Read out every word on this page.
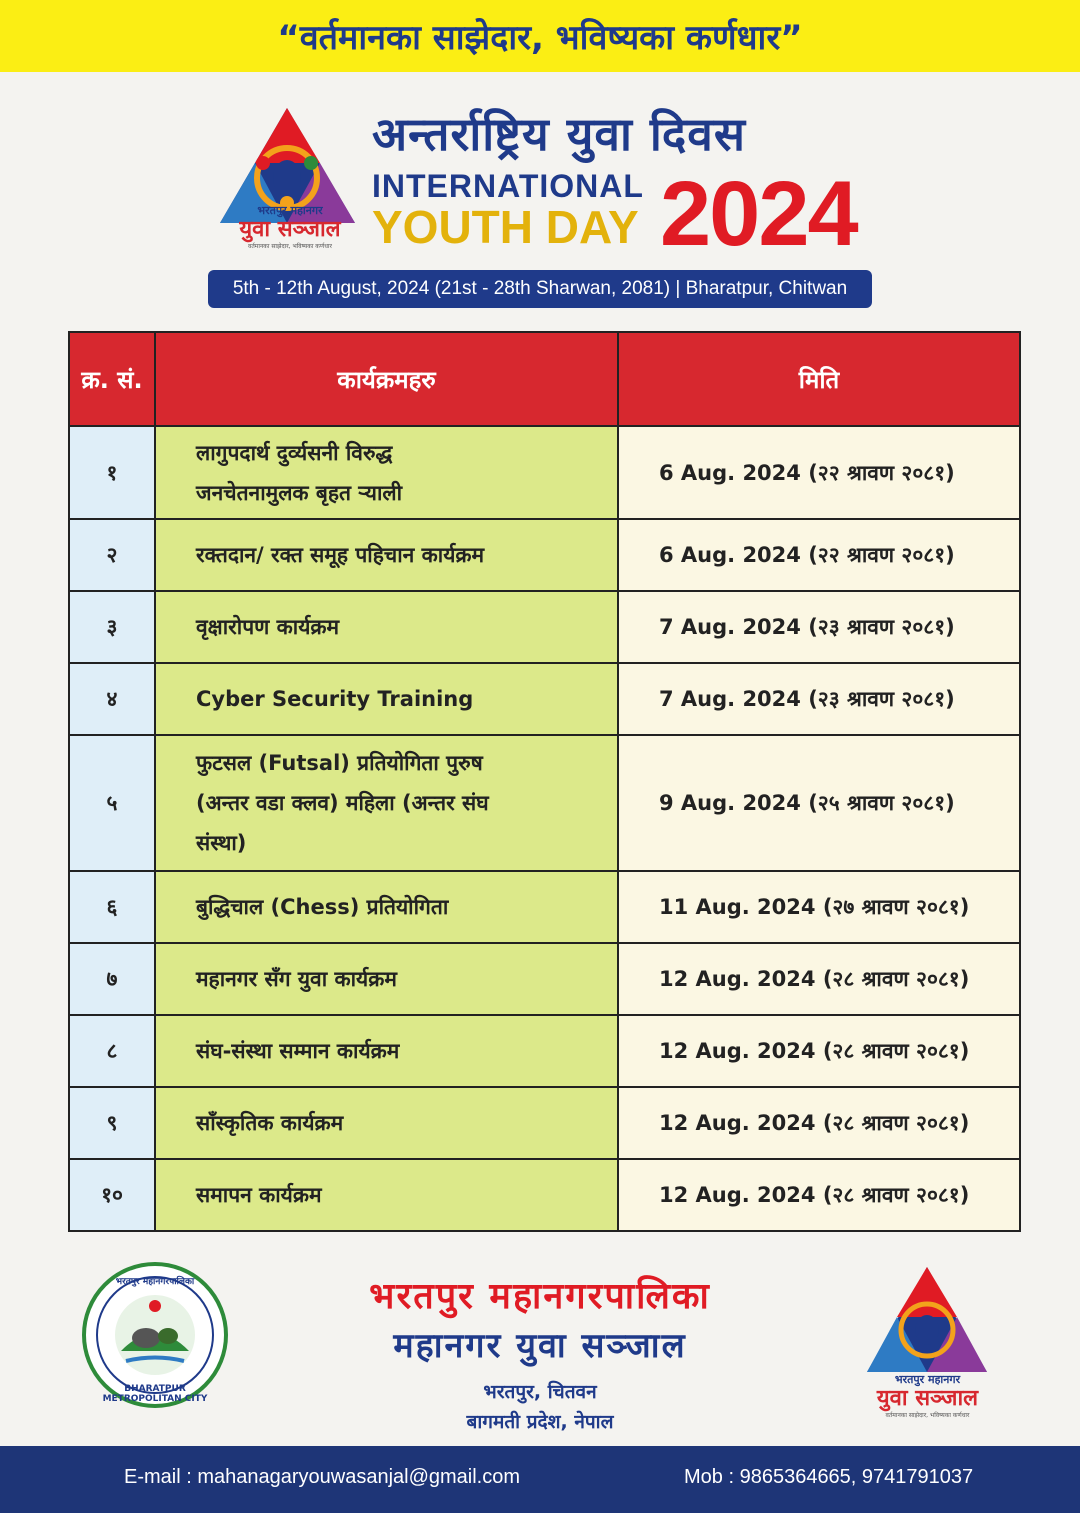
“वर्तमानका साझेदार, भविष्यका कर्णधार”
भरतपुर महानगर
युवा सञ्जाल
वर्तमानका साझेदार, भविष्यका कर्णधार
अन्तर्राष्ट्रिय युवा दिवस
INTERNATIONAL
YOUTH DAY 2024
5th - 12th August, 2024 (21st - 28th Sharwan, 2081) | Bharatpur, Chitwan
क्र. सं.	कार्यक्रमहरु	मिति
१	लागुपदार्थ दुर्व्यसनी विरुद्ध जनचेतनामुलक बृहत र्‍याली	6 Aug. 2024 (२२ श्रावण २०८१)
२	रक्तदान/ रक्त समूह पहिचान कार्यक्रम	6 Aug. 2024 (२२ श्रावण २०८१)
३	वृक्षारोपण कार्यक्रम	7 Aug. 2024 (२३ श्रावण २०८१)
४	Cyber Security Training	7 Aug. 2024 (२३ श्रावण २०८१)
५	फुटसल (Futsal) प्रतियोगिता पुरुष (अन्तर वडा क्लव) महिला (अन्तर संघ संस्था)	9 Aug. 2024 (२५ श्रावण २०८१)
६	बुद्धिचाल (Chess) प्रतियोगिता	11 Aug. 2024 (२७ श्रावण २०८१)
७	महानगर सँग युवा कार्यक्रम	12 Aug. 2024 (२८ श्रावण २०८१)
८	संघ-संस्था सम्मान कार्यक्रम	12 Aug. 2024 (२८ श्रावण २०८१)
९	साँस्कृतिक कार्यक्रम	12 Aug. 2024 (२८ श्रावण २०८१)
१०	समापन कार्यक्रम	12 Aug. 2024 (२८ श्रावण २०८१)
भरतपुर महानगरपालिका
BHARATPUR METROPOLITAN CITY
भरतपुर महानगरपालिका
महानगर युवा सञ्जाल
भरतपुर, चितवन
बागमती प्रदेश, नेपाल
भरतपुर महानगर
युवा सञ्जाल
वर्तमानका साझेदार, भविष्यका कर्णधार
E-mail : mahanagaryouwasanjal@gmail.com	Mob : 9865364665, 9741791037
